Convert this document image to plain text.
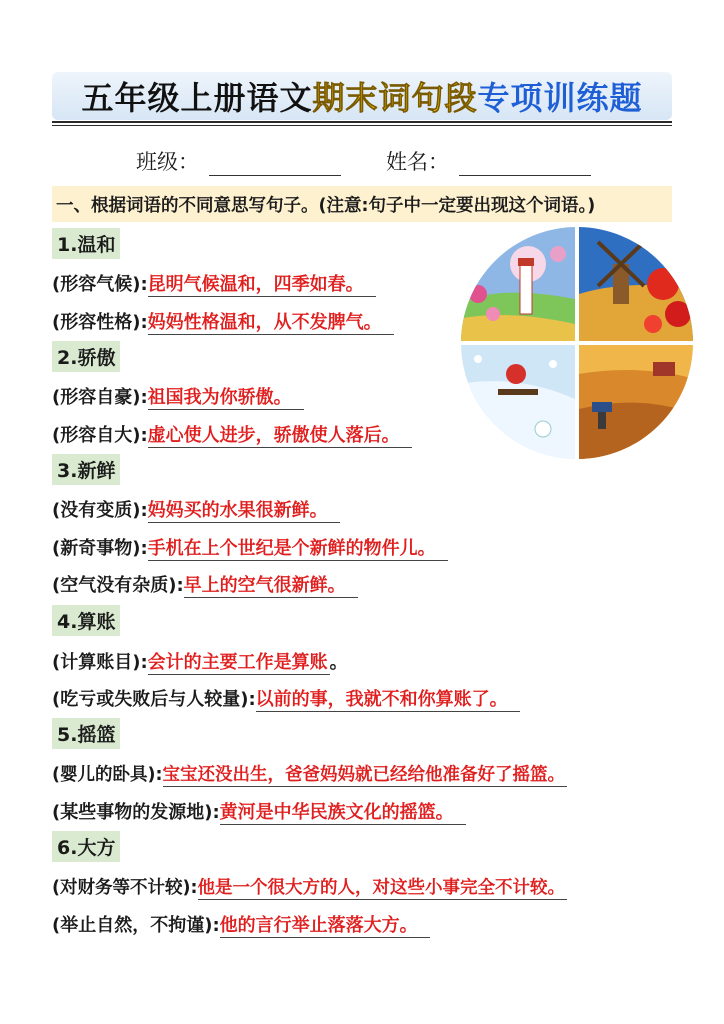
五年级上册语文期末词句段专项训练题
班级：	姓名：
一、根据词语的不同意思写句子。(注意:句子中一定要出现这个词语。)
1.温和
(形容气候): 昆明气候温和，四季如春。
(形容性格): 妈妈性格温和，从不发脾气。
2.骄傲
(形容自豪): 祖国我为你骄傲。
(形容自大): 虚心使人进步，骄傲使人落后。
3.新鲜
(没有变质): 妈妈买的水果很新鲜。
(新奇事物): 手机在上个世纪是个新鲜的物件儿。
(空气没有杂质): 早上的空气很新鲜。
4.算账
(计算账目): 会计的主要工作是算账 。
(吃亏或失败后与人较量): 以前的事，我就不和你算账了。
5.摇篮
(婴儿的卧具): 宝宝还没出生，爸爸妈妈就已经给他准备好了摇篮。
(某些事物的发源地): 黄河是中华民族文化的摇篮。
6.大方
(对财务等不计较): 他是一个很大方的人，对这些小事完全不计较。
(举止自然，不拘谨): 他的言行举止落落大方。
